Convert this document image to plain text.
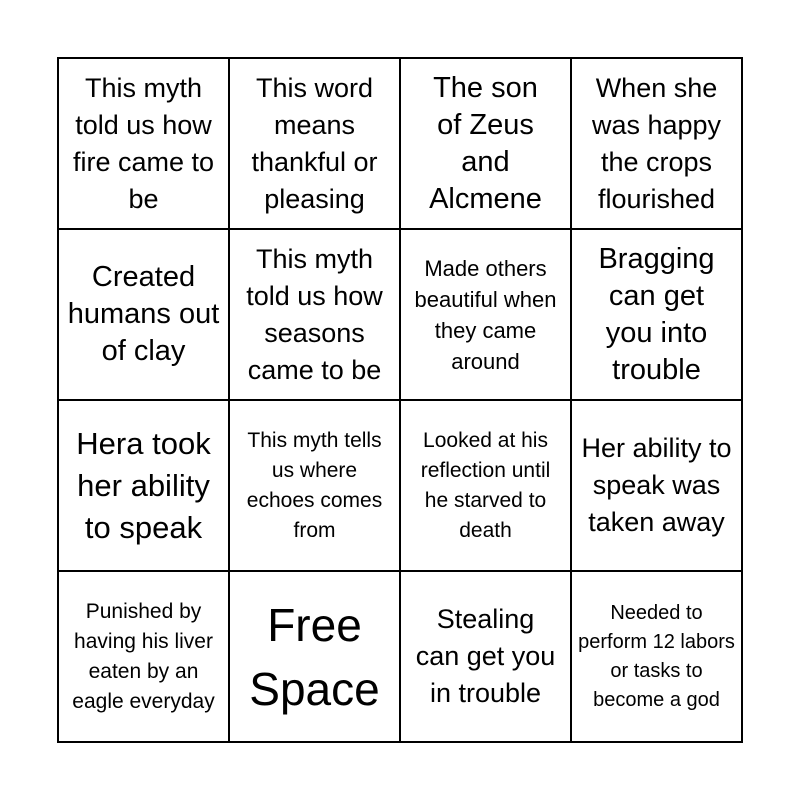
This myth told us how fire came to be
This word means thankful or pleasing
The son of Zeus and Alcmene
When she was happy the crops flourished
Created humans out of clay
This myth told us how seasons came to be
Made others beautiful when they came around
Bragging can get you into trouble
Hera took her ability to speak
This myth tells us where echoes comes from
Looked at his reflection until he starved to death
Her ability to speak was taken away
Punished by having his liver eaten by an eagle everyday
Free Space
Stealing can get you in trouble
Needed to perform 12 labors or tasks to become a god
